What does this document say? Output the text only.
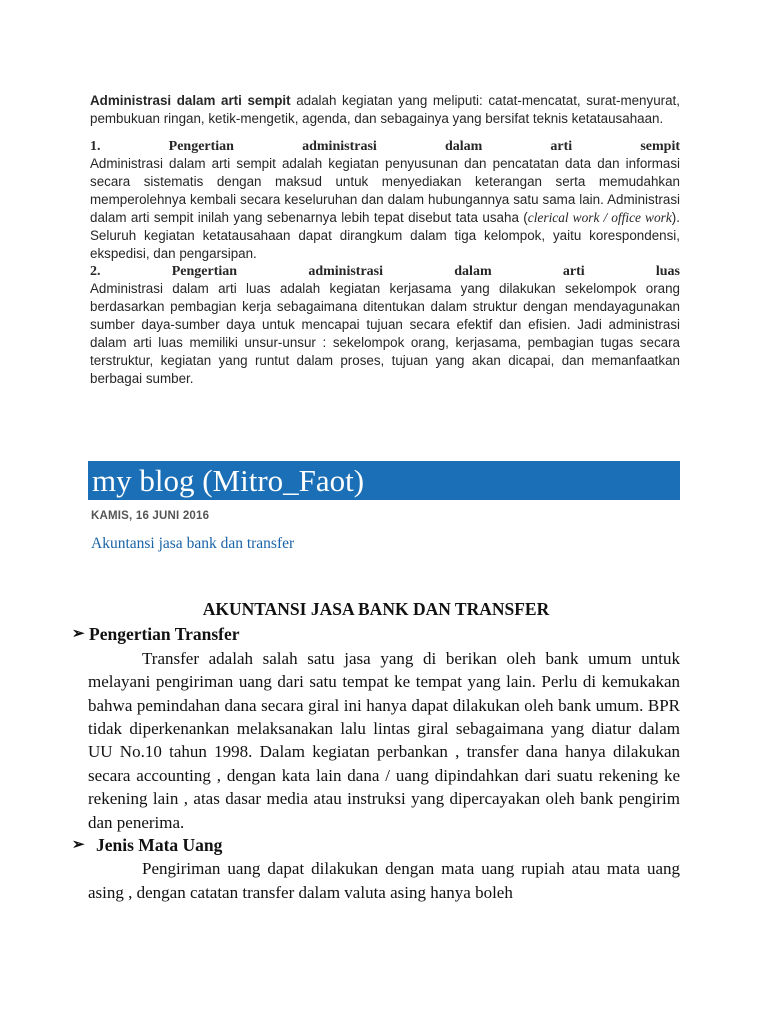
Administrasi dalam arti sempit adalah kegiatan yang meliputi: catat-mencatat, surat-menyurat, pembukuan ringan, ketik-mengetik, agenda, dan sebagainya yang bersifat teknis ketatausahaan.

1.	Pengertian	administrasi	dalam	arti	sempit

Administrasi dalam arti sempit adalah kegiatan penyusunan dan pencatatan data dan informasi secara sistematis dengan maksud untuk menyediakan keterangan serta memudahkan memperolehnya kembali secara keseluruhan dan dalam hubungannya satu sama lain. Administrasi dalam arti sempit inilah yang sebenarnya lebih tepat disebut tata usaha (clerical work / office work). Seluruh kegiatan ketatausahaan dapat dirangkum dalam tiga kelompok, yaitu korespondensi, ekspedisi, dan pengarsipan.

2.	Pengertian	administrasi	dalam	arti	luas

Administrasi dalam arti luas adalah kegiatan kerjasama yang dilakukan sekelompok orang berdasarkan pembagian kerja sebagaimana ditentukan dalam struktur dengan mendayagunakan sumber daya-sumber daya untuk mencapai tujuan secara efektif dan efisien. Jadi administrasi dalam arti luas memiliki unsur-unsur : sekelompok orang, kerjasama, pembagian tugas secara terstruktur, kegiatan yang runtut dalam proses, tujuan yang akan dicapai, dan memanfaatkan berbagai sumber.

my blog (Mitro_Faot)
KAMIS, 16 JUNI 2016
Akuntansi jasa bank dan transfer
AKUNTANSI JASA BANK DAN TRANSFER
➢ Pengertian Transfer

Transfer adalah salah satu jasa yang di berikan oleh bank umum untuk melayani pengiriman uang dari satu tempat ke tempat yang lain. Perlu di kemukakan bahwa pemindahan dana secara giral ini hanya dapat dilakukan oleh bank umum. BPR tidak diperkenankan melaksanakan lalu lintas giral sebagaimana yang diatur dalam UU No.10 tahun 1998. Dalam kegiatan perbankan , transfer dana hanya dilakukan secara accounting , dengan kata lain dana / uang dipindahkan dari suatu rekening ke rekening lain , atas dasar media atau instruksi yang dipercayakan oleh bank pengirim dan penerima.

➢ Jenis Mata Uang

Pengiriman uang dapat dilakukan dengan mata uang rupiah atau mata uang asing , dengan catatan transfer dalam valuta asing hanya boleh
